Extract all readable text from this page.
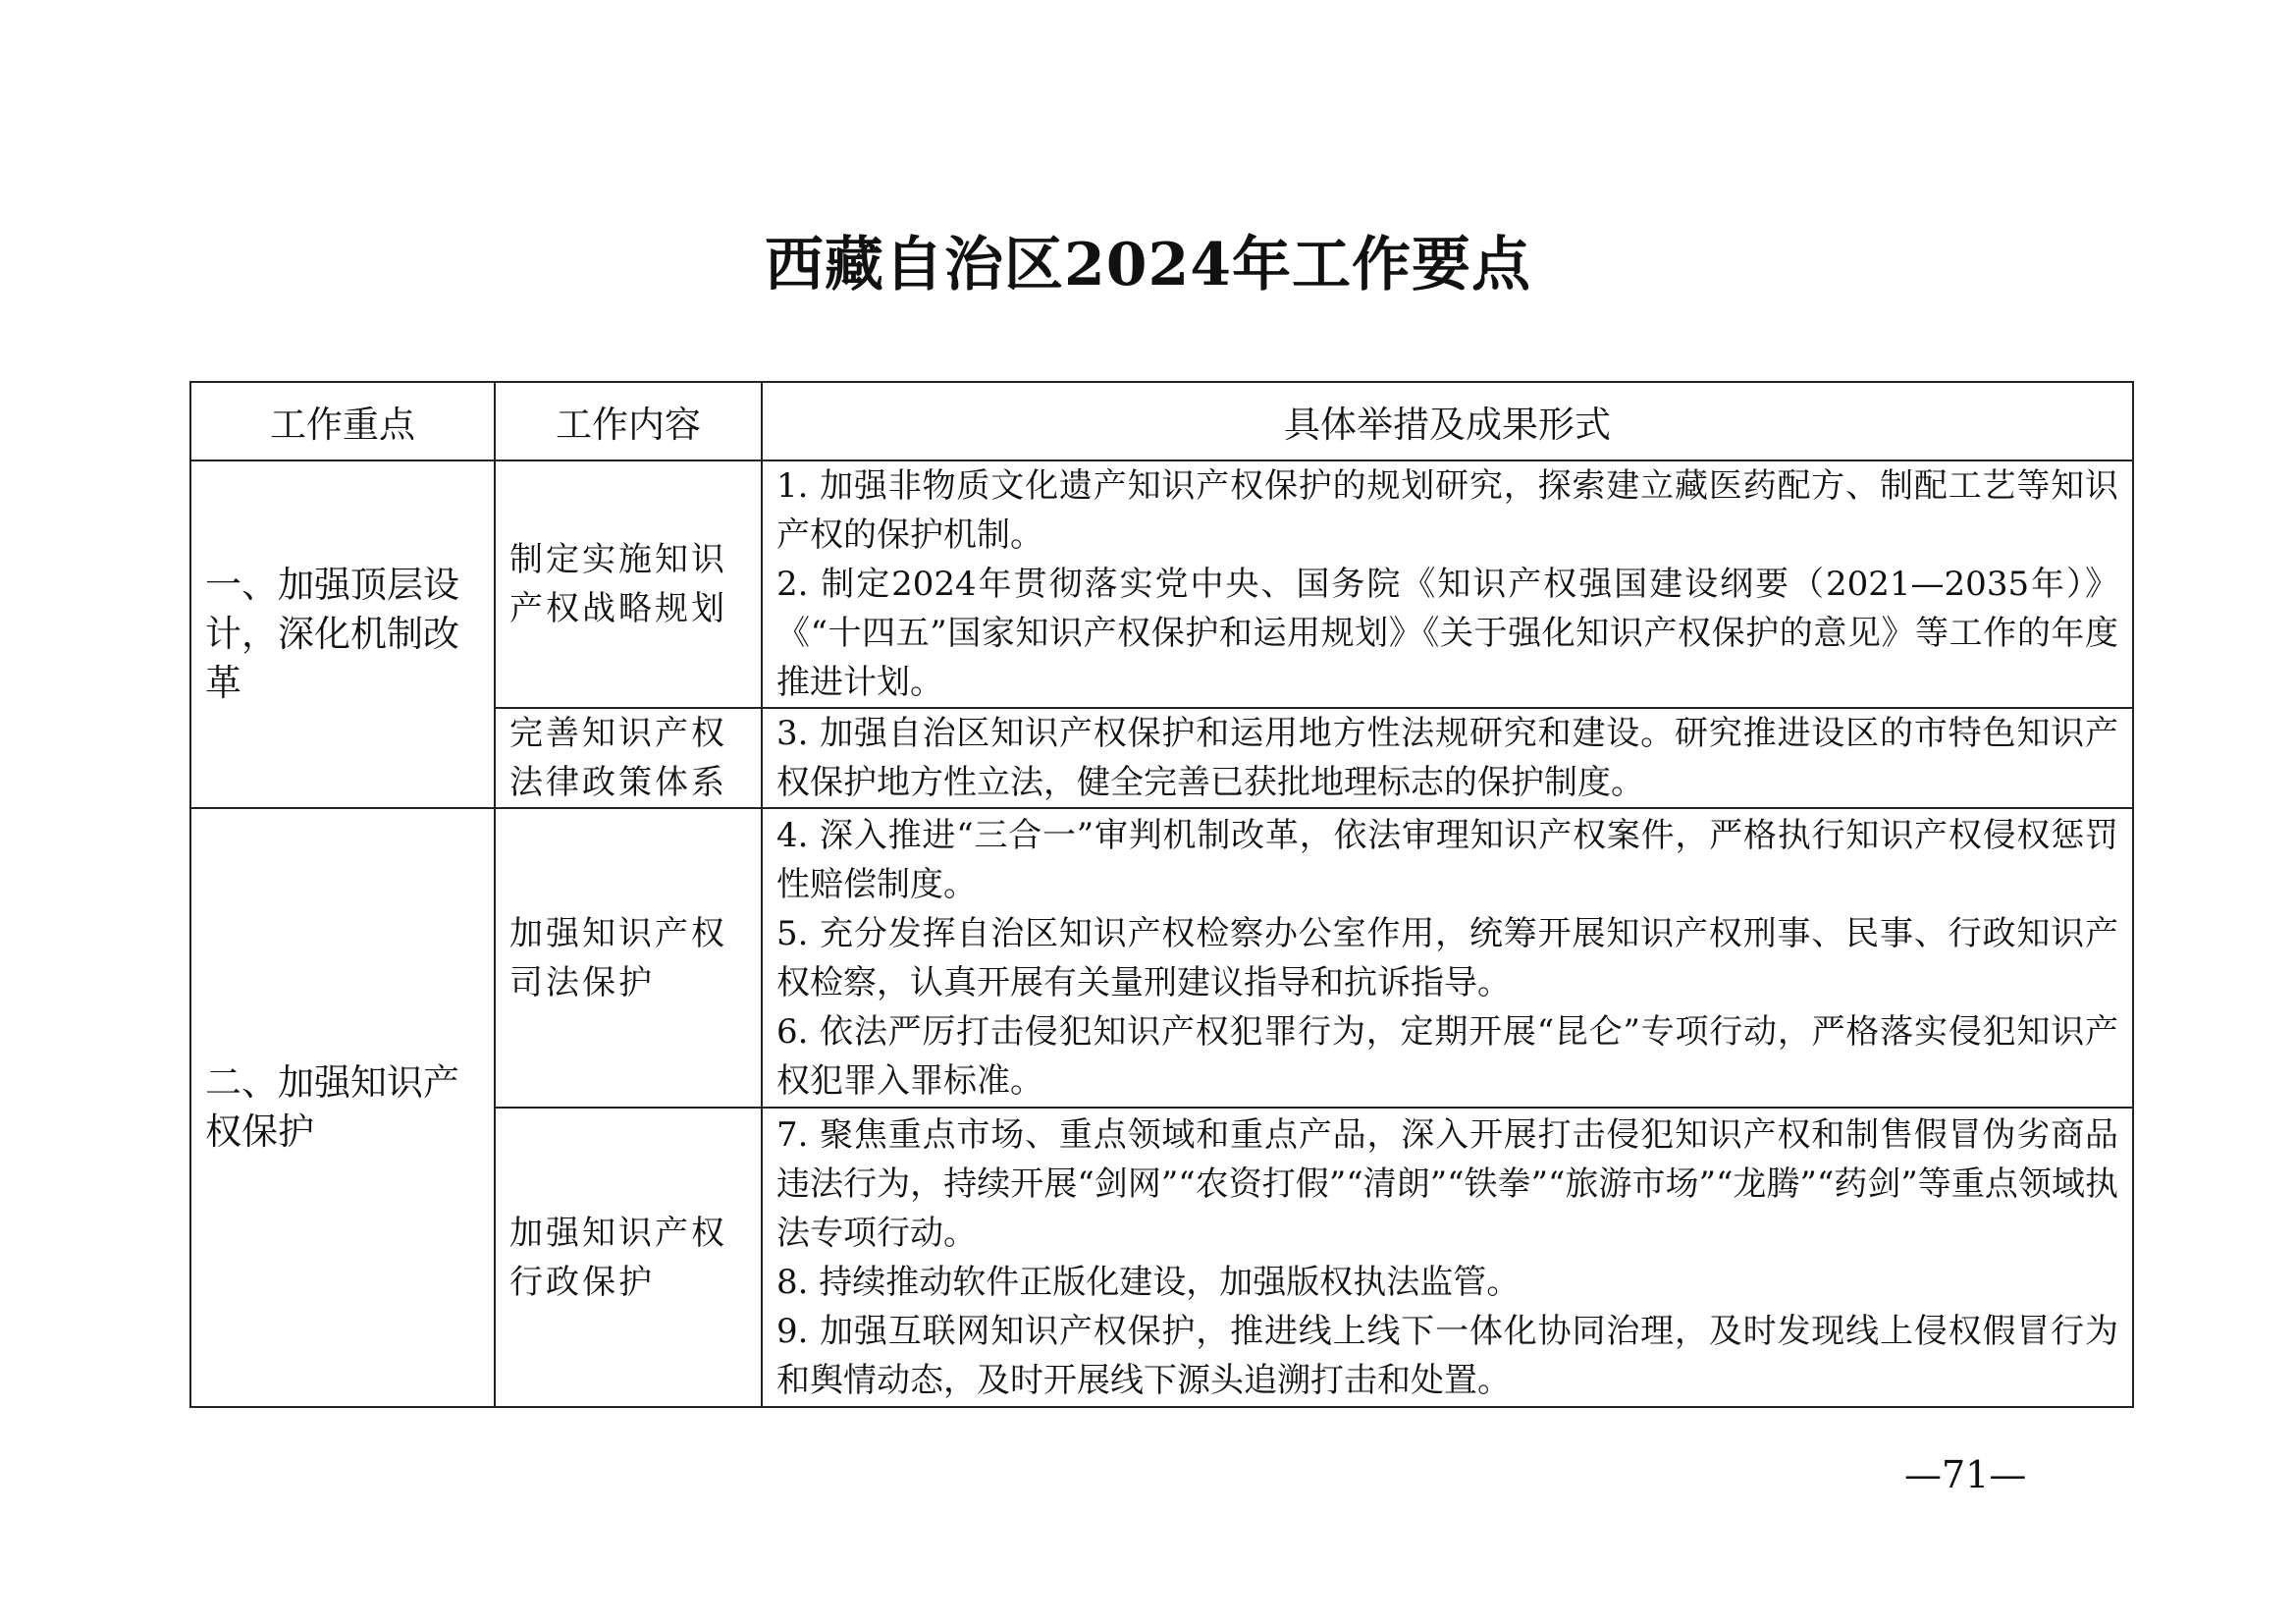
西藏自治区2024年工作要点
工作重点	工作内容	具体举措及成果形式
一、加强顶层设计，深化机制改革	制定实施知识产权战略规划	1. 加强非物质文化遗产知识产权保护的规划研究，探索建立藏医药配方、制配工艺等知识产权的保护机制。

2. 制定2024年贯彻落实党中央、国务院《知识产权强国建设纲要（2021—2035年）》《“十四五”国家知识产权保护和运用规划》《关于强化知识产权保护的意见》等工作的年度推进计划。

	完善知识产权法律政策体系	3. 加强自治区知识产权保护和运用地方性法规研究和建设。研究推进设区的市特色知识产权保护地方性立法，健全完善已获批地理标志的保护制度。

二、加强知识产权保护	加强知识产权司法保护	4. 深入推进“三合一”审判机制改革，依法审理知识产权案件，严格执行知识产权侵权惩罚性赔偿制度。

5. 充分发挥自治区知识产权检察办公室作用，统筹开展知识产权刑事、民事、行政知识产权检察，认真开展有关量刑建议指导和抗诉指导。

6. 依法严厉打击侵犯知识产权犯罪行为，定期开展“昆仑”专项行动，严格落实侵犯知识产权犯罪入罪标准。

	加强知识产权行政保护	7. 聚焦重点市场、重点领域和重点产品，深入开展打击侵犯知识产权和制售假冒伪劣商品违法行为，持续开展“剑网”“农资打假”“清朗”“铁拳”“旅游市场”“龙腾”“药剑”等重点领域执法专项行动。

8. 持续推动软件正版化建设，加强版权执法监管。

9. 加强互联网知识产权保护，推进线上线下一体化协同治理，及时发现线上侵权假冒行为和舆情动态，及时开展线下源头追溯打击和处置。

—71—
